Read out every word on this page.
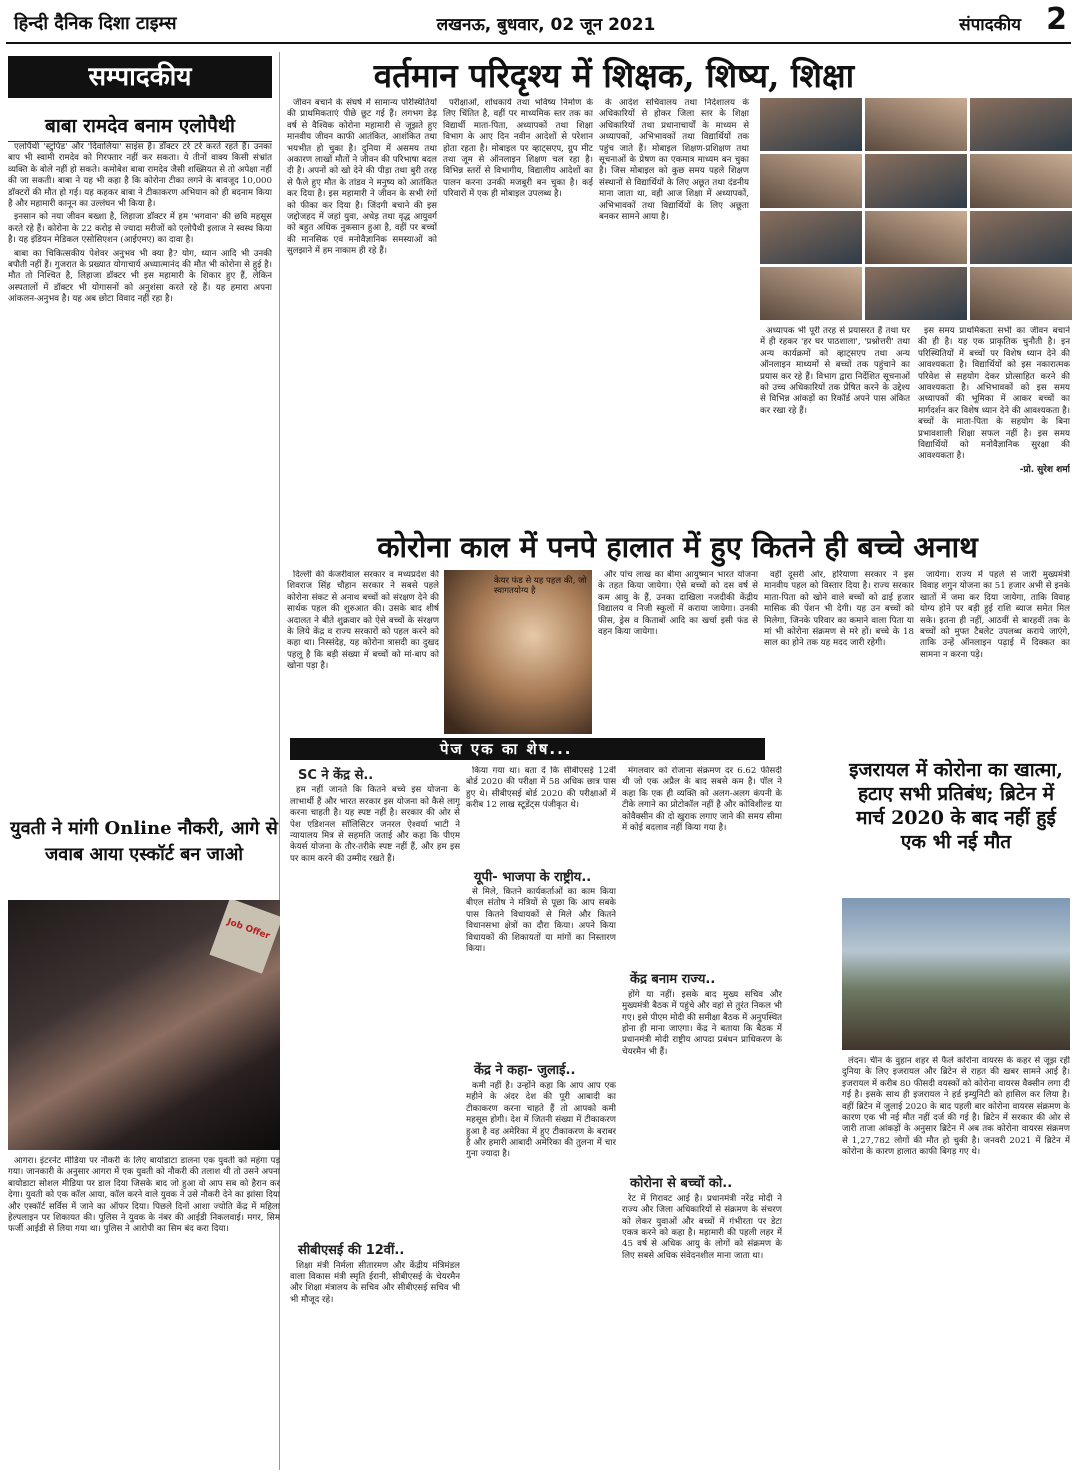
हिन्दी दैनिक दिशा टाइम्स	लखनऊ, बुधवार, 02 जून 2021	संपादकीय 2
सम्पादकीय
बाबा रामदेव बनाम एलोपैथी

एलोपैथी 'स्टुपिड' और 'दिवालिया' साइंस है। डॉक्टर टर्र टर्र करते रहते हैं। उनका बाप भी स्वामी रामदेव को गिरफ्तार नहीं कर सकता। ये तीनों वाक्य किसी संभ्रांत व्यक्ति के बोले नहीं हो सकते। कमोबेश बाबा रामदेव जैसी शख्सियत से तो अपेक्षा नहीं की जा सकती। बाबा ने यह भी कहा है कि कोरोना टीका लगने के बावजूद 10,000 डॉक्टरों की मौत हो गई। यह कहकर बाबा ने टीकाकरण अभियान को ही बदनाम किया है और महामारी कानून का उल्लंघन भी किया है।

इनसान को नया जीवन बख्शा है, लिहाजा डॉक्टर में हम 'भगवान' की छवि महसूस करते रहे हैं। कोरोना के 22 करोड़ से ज्यादा मरीजों को एलोपैथी इलाज ने स्वस्थ किया है। यह इंडियन मेडिकल एसोसिएशन (आईएमए) का दावा है।

बाबा का चिकित्सकीय पेशेवर अनुभव भी क्या है? योग, ध्यान आदि भी उनकी बपौती नहीं हैं। गुजरात के प्रख्यात योगाचार्य अध्यात्मानंद की मौत भी कोरोना से हुई है। मौत तो निश्चित है, लिहाजा डॉक्टर भी इस महामारी के शिकार हुए हैं, लेकिन अस्पतालों में डॉक्टर भी योगासनों को अनुशंसा करते रहे हैं। यह हमारा अपना आंकलन-अनुभव है। यह अब छोटा विवाद नहीं रहा है।

वर्तमान परिदृश्य में शिक्षक, शिष्य, शिक्षा

जीवन बचाने के संघर्ष में सामान्य परिस्थितियों की प्राथमिकताएं पीछे छूट गई हैं। लगभग डेढ़ वर्ष से वैश्विक कोरोना महामारी से जूझते हुए मानवीय जीवन काफी आतंकित, आशंकित तथा भयभीत हो चुका है। दुनिया में असमय तथा अकारण लाखों मौतों ने जीवन की परिभाषा बदल दी है। अपनों को खो देने की पीड़ा तथा बुरी तरह से फैले हुए मौत के तांडव ने मनुष्य को आतंकित कर दिया है। इस महामारी ने जीवन के सभी रंगों को फीका कर दिया है। जिंदगी बचाने की इस जद्दोजहद में जहां युवा, अधेड़ तथा वृद्ध आयुवर्ग को बहुत अधिक नुकसान हुआ है, वहीं पर बच्चों की मानसिक एवं मनोवैज्ञानिक समस्याओं को सुलझाने में हम नाकाम ही रहे हैं।

परीक्षाओं, शोधकार्य तथा भविष्य निर्माण के लिए चिंतित है, वहीं पर माध्यमिक स्तर तक का विद्यार्थी माता-पिता, अध्यापकों तथा शिक्षा विभाग के आए दिन नवीन आदेशों से परेशान होता रहता है। मोबाइल पर व्हाट्सएप, ग्रुप मीट तथा जूम से ऑनलाइन शिक्षण चल रहा है। विभिन्न स्तरों से विभागीय, विद्यालीय आदेशों का पालन करना उनकी मजबूरी बन चुका है। कई परिवारों में एक ही मोबाइल उपलब्ध है।

के आदेश सचिवालय तथा निदेशालय के अधिकारियों से होकर जिला स्तर के शिक्षा अधिकारियों तथा प्रधानाचार्यों के माध्यम से अध्यापकों, अभिभावकों तथा विद्यार्थियों तक पहुंच जाते हैं। मोबाइल शिक्षण-प्रशिक्षण तथा सूचनाओं के प्रेषण का एकमात्र माध्यम बन चुका है। जिस मोबाइल को कुछ समय पहले शिक्षण संस्थानों से विद्यार्थियों के लिए अछूत तथा दंडनीय माना जाता था, वही आज शिक्षा में अध्यापकों, अभिभावकों तथा विद्यार्थियों के लिए अछूता बनकर सामने आया है।

अध्यापक भी पूरी तरह से प्रयासरत हैं तथा घर में ही रहकर 'हर घर पाठशाला', 'प्रश्नोत्तरी' तथा अन्य कार्यक्रमों को व्हाट्सएप तथा अन्य ऑनलाइन माध्यमों से बच्चों तक पहुंचाने का प्रयास कर रहे हैं। विभाग द्वारा निर्देशित सूचनाओं को उच्च अधिकारियों तक प्रेषित करने के उद्देश्य से विभिन्न आंकड़ों का रिकॉर्ड अपने पास अंकित कर रखा रहे हैं।

इस समय प्राथमिकता सभी का जीवन बचाने की ही है। यह एक प्राकृतिक चुनौती है। इन परिस्थितियों में बच्चों पर विशेष ध्यान देने की आवश्यकता है। विद्यार्थियों को इस नकारात्मक परिवेश से सहयोग देकर प्रोत्साहित करने की आवश्यकता है। अभिभावकों को इस समय अध्यापकों की भूमिका में आकर बच्चों का मार्गदर्शन कर विशेष ध्यान देने की आवश्यकता है। बच्चों के माता-पिता के सहयोग के बिना प्रभावशाली शिक्षा सफल नहीं है। इस समय विद्यार्थियों को मनोवैज्ञानिक सुरक्षा की आवश्यकता है।

-प्रो. सुरेश शर्मा
कोरोना काल में पनपे हालात में हुए कितने ही बच्चे अनाथ

दिल्ली की केजरीवाल सरकार व मध्यप्रदेश की शिवराज सिंह चौहान सरकार ने सबसे पहले कोरोना संकट से अनाथ बच्चों को संरक्षण देने की सार्थक पहल की शुरुआत की। उसके बाद शीर्ष अदालत ने बीते शुक्रवार को ऐसे बच्चों के संरक्षण के लिये केंद्र व राज्य सरकारों को पहल करने को कहा था। निस्संदेह, यह कोरोना त्रासदी का दुखद पहलू है कि बड़ी संख्या में बच्चों को मां-बाप को खोना पड़ा है।

केयर फंड से यह पहल की, जो स्वागतयोग्य है

और पांच लाख का बीमा आयुष्मान भारत योजना के तहत किया जायेगा। ऐसे बच्चों को दस वर्ष से कम आयु के हैं, उनका दाखिला नजदीकी केंद्रीय विद्यालय व निजी स्कूलों में कराया जायेगा। उनकी फीस, ड्रेस व किताबों आदि का खर्चा इसी फंड से वहन किया जायेगा।

वहीं दूसरी ओर, हरियाणा सरकार ने इस मानवीय पहल को विस्तार दिया है। राज्य सरकार माता-पिता को खोने वाले बच्चों को ढाई हजार मासिक की पेंशन भी देगी। यह उन बच्चों को मिलेगा, जिनके परिवार का कमाने वाला पिता या मां भी कोरोना संक्रमण से मरे हों। बच्चे के 18 साल का होने तक यह मदद जारी रहेगी।

जायेगा। राज्य में पहले से जारी मुख्यमंत्री विवाह शगुन योजना का 51 हजार अभी से इनके खातों में जमा कर दिया जायेगा, ताकि विवाह योग्य होने पर बड़ी हुई राशि ब्याज समेत मिल सके। इतना ही नहीं, आठवीं से बारहवीं तक के बच्चों को मुफ्त टैबलेट उपलब्ध कराये जाएंगे, ताकि उन्हें ऑनलाइन पढ़ाई में दिक्कत का सामना न करना पड़े।

पेज एक का शेष...
SC ने केंद्र से..

हम नहीं जानते कि कितने बच्चे इस योजना के लाभार्थी हैं और भारत सरकार इस योजना को कैसे लागू करना चाहती है। यह स्पष्ट नहीं है। सरकार की ओर से पेश एडिशनल सॉलिसिटर जनरल ऐश्वर्या भाटी ने न्यायालय मित्र से सहमति जताई और कहा कि पीएम केयर्स योजना के तौर-तरीके स्पष्ट नहीं हैं, और हम इस पर काम करने की उम्मीद रखते हैं।

सीबीएसई की 12वीं..

शिक्षा मंत्री निर्मला सीतारमण और केंद्रीय मंत्रिमंडल वाला विकास मंत्री स्मृति ईरानी, सीबीएसई के चेयरमैन और शिक्षा मंत्रालय के सचिव और सीबीएसई सचिव भी भी मौजूद रहे।

किया गया था। बता दें कि सीबीएसई 12वीं बोर्ड 2020 की परीक्षा में 58 अधिक छात्र पास हुए थे। सीबीएसई बोर्ड 2020 की परीक्षाओं में करीब 12 लाख स्टूडेंट्स पंजीकृत थे।

यूपी- भाजपा के राष्ट्रीय..

से मिले, कितने कार्यकर्ताओं का काम किया बीएल संतोष ने मंत्रियों से पूछा कि आप सबके पास कितने विधायकों से मिले और कितने विधानसभा क्षेत्रों का दौरा किया। अपने किया विधायकों की शिकायतों या मांगों का निस्तारण किया।

केंद्र ने कहा- जुलाई..

कमी नहीं है। उन्होंने कहा कि आप आप एक महीने के अंदर देश की पूरी आबादी का टीकाकरण करना चाहते हैं तो आपको कमी महसूस होगी। देश में जितनी संख्या में टीकाकरण हुआ है वह अमेरिका में हुए टीकाकरण के बराबर है और हमारी आबादी अमेरिका की तुलना में चार गुना ज्यादा है।

मंगलवार को रोजाना संक्रमण दर 6.62 फीसदी थी जो एक अप्रैल के बाद सबसे कम है। पॉल ने कहा कि एक ही व्यक्ति को अलग-अलग कंपनी के टीके लगाने का प्रोटोकॉल नहीं है और कोविशील्ड या कोवैक्सीन की दो खुराक लगाए जाने की समय सीमा में कोई बदलाव नहीं किया गया है।

केंद्र बनाम राज्य..

होंगे या नहीं। इसके बाद मुख्य सचिव और मुख्यमंत्री बैठक में पहुंचे और वहां से तुरंत निकल भी गए। इसे पीएम मोदी की समीक्षा बैठक में अनुपस्थित होना ही माना जाएगा। केंद्र ने बताया कि बैठक में प्रधानमंत्री मोदी राष्ट्रीय आपदा प्रबंधन प्राधिकरण के चेयरमैन भी हैं।

कोरोना से बच्चों को..

रेट में गिरावट आई है। प्रधानमंत्री नरेंद्र मोदी ने राज्य और जिला अधिकारियों से संक्रमण के संचरण को लेकर युवाओं और बच्चों में गंभीरता पर डेटा एकत्र करने को कहा है। महामारी की पहली लहर में 45 वर्ष से अधिक आयु के लोगों को संक्रमण के लिए सबसे अधिक संवेदनशील माना जाता था।

इजरायल में कोरोना का खात्मा, हटाए सभी प्रतिबंध; ब्रिटेन में मार्च 2020 के बाद नहीं हुई एक भी नई मौत

लंदन। चीन के वुहान शहर से फैले कोरोना वायरस के कहर से जूझ रही दुनिया के लिए इजरायल और ब्रिटेन से राहत की खबर सामने आई है। इजरायल में करीब 80 फीसदी वयस्कों को कोरोना वायरस वैक्सीन लगा दी गई है। इसके साथ ही इजरायल ने हर्ड इम्युनिटी को हासिल कर लिया है। वहीं ब्रिटेन में जुलाई 2020 के बाद पहली बार कोरोना वायरस संक्रमण के कारण एक भी नई मौत नहीं दर्ज की गई है। ब्रिटेन में सरकार की ओर से जारी ताजा आंकड़ों के अनुसार ब्रिटेन में अब तक कोरोना वायरस संक्रमण से 1,27,782 लोगों की मौत हो चुकी है। जनवरी 2021 में ब्रिटेन में कोरोना के कारण हालात काफी बिगड़ गए थे।

युवती ने मांगी Online नौकरी, आगे से जवाब आया एस्कॉर्ट बन जाओ
Job Offer

आगरा। इंटरनेट मीडिया पर नौकरी के लिए बायोडाटा डालना एक युवती को महंगा पड़ गया। जानकारी के अनुसार आगरा में एक युवती को नौकरी की तलाश थी तो उसने अपना बायोडाटा सोशल मीडिया पर डाल दिया जिसके बाद जो हुआ वो आप सब को हैरान कर देगा। युवती को एक कॉल आया, कॉल करने वाले युवक ने उसे नौकरी देने का झांसा दिया और एस्कॉर्ट सर्विस में जाने का ऑफर दिया। पिछले दिनों आशा ज्योति केंद्र में महिला हेल्पलाइन पर शिकायत की। पुलिस ने युवक के नंबर की आईडी निकलवाई। मगर, सिम फर्जी आईडी से लिया गया था। पुलिस ने आरोपी का सिम बंद करा दिया।
